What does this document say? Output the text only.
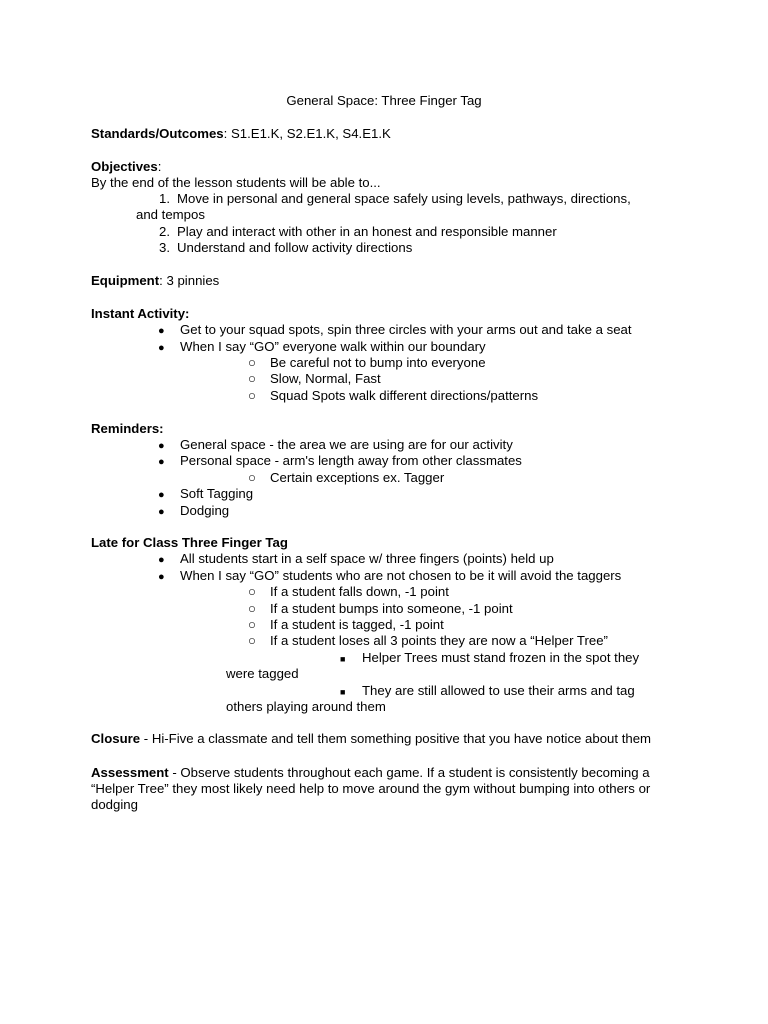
General Space: Three Finger Tag
Standards/Outcomes: S1.E1.K, S2.E1.K, S4.E1.K
Objectives:
By the end of the lesson students will be able to...
1. Move in personal and general space safely using levels, pathways, directions,
and tempos
2. Play and interact with other in an honest and responsible manner
3. Understand and follow activity directions
Equipment: 3 pinnies
Instant Activity:
● Get to your squad spots, spin three circles with your arms out and take a seat
● When I say “GO” everyone walk within our boundary
○ Be careful not to bump into everyone
○ Slow, Normal, Fast
○ Squad Spots walk different directions/patterns
Reminders:
● General space - the area we are using are for our activity
● Personal space - arm's length away from other classmates
○ Certain exceptions ex. Tagger
● Soft Tagging
● Dodging
Late for Class Three Finger Tag
● All students start in a self space w/ three fingers (points) held up
● When I say “GO” students who are not chosen to be it will avoid the taggers
○ If a student falls down, -1 point
○ If a student bumps into someone, -1 point
○ If a student is tagged, -1 point
○ If a student loses all 3 points they are now a “Helper Tree”
■ Helper Trees must stand frozen in the spot they
were tagged
■ They are still allowed to use their arms and tag
others playing around them
Closure - Hi-Five a classmate and tell them something positive that you have notice about them
Assessment - Observe students throughout each game. If a student is consistently becoming a
“Helper Tree” they most likely need help to move around the gym without bumping into others or
dodging
